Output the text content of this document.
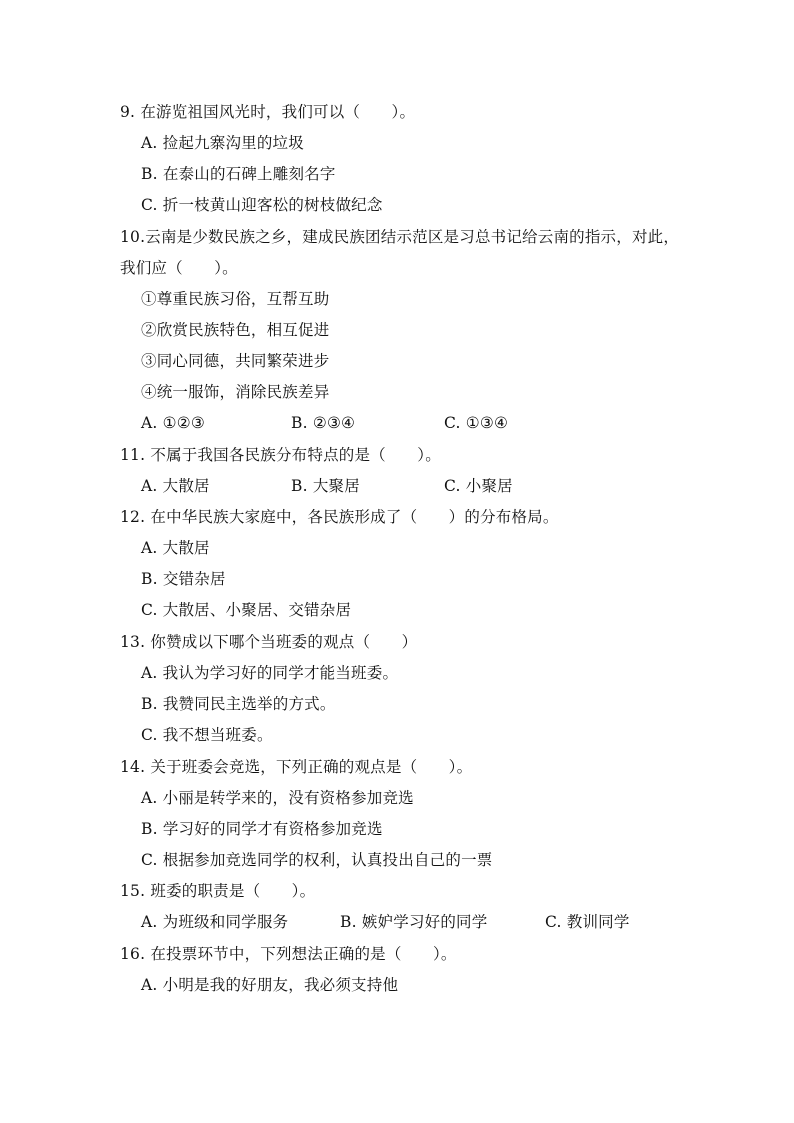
9. 在游览祖国风光时，我们可以（　　）。
A. 捡起九寨沟里的垃圾
B. 在泰山的石碑上雕刻名字
C. 折一枝黄山迎客松的树枝做纪念
10.云南是少数民族之乡，建成民族团结示范区是习总书记给云南的指示，对此，
我们应（　　）。
①尊重民族习俗，互帮互助
②欣赏民族特色，相互促进
③同心同德，共同繁荣进步
④统一服饰，消除民族差异
A. ①②③	B. ②③④	C. ①③④
11. 不属于我国各民族分布特点的是（　　）。
A. 大散居	B. 大聚居	C. 小聚居
12. 在中华民族大家庭中，各民族形成了（　　）的分布格局。
A. 大散居
B. 交错杂居
C. 大散居、小聚居、交错杂居
13. 你赞成以下哪个当班委的观点（　　）
A. 我认为学习好的同学才能当班委。
B. 我赞同民主选举的方式。
C. 我不想当班委。
14. 关于班委会竞选，下列正确的观点是（　　）。
A. 小丽是转学来的，没有资格参加竞选
B. 学习好的同学才有资格参加竞选
C. 根据参加竞选同学的权利，认真投出自己的一票
15. 班委的职责是（　　）。
A. 为班级和同学服务	B. 嫉妒学习好的同学	C. 教训同学
16. 在投票环节中，下列想法正确的是（　　）。
A. 小明是我的好朋友，我必须支持他
